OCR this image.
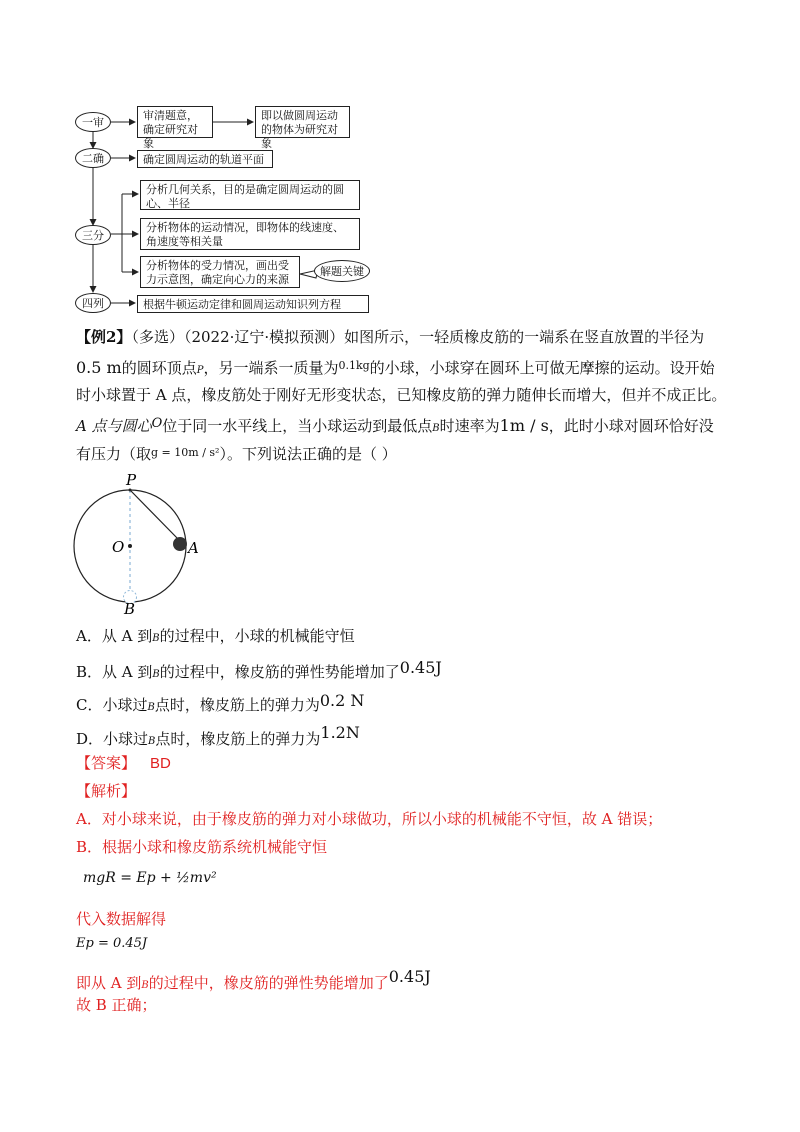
一审
二确
三分
四列
审清题意，确定研究对象
即以做圆周运动的物体为研究对象
确定圆周运动的轨道平面
分析几何关系，目的是确定圆周运动的圆心、半径
分析物体的运动情况，即物体的线速度、角速度等相关量
分析物体的受力情况，画出受力示意图，确定向心力的来源
解题关键
根据牛顿运动定律和圆周运动知识列方程
【例2】（多选）（2022·辽宁·模拟预测）如图所示，一轻质橡皮筋的一端系在竖直放置的半径为
0.5 m的圆环顶点P，另一端系一质量为$^{0.1kg}$的小球，小球穿在圆环上可做无摩擦的运动。设开始
时小球置于 A 点，橡皮筋处于刚好无形变状态，已知橡皮筋的弹力随伸长而增大，但并不成正比。
A 点与圆心O位于同一水平线上，当小球运动到最低点B时速率为1m / s，此时小球对圆环恰好没
有压力（取$^{g = 10m / s^2}$）。下列说法正确的是（ ）
P
O	A
B
A．从 A 到B的过程中，小球的机械能守恒
B．从 A 到B的过程中，橡皮筋的弹性势能增加了0.45J
C．小球过B点时，橡皮筋上的弹力为0.2 N
D．小球过B点时，橡皮筋上的弹力为1.2N
【答案】 BD
【解析】
A．对小球来说，由于橡皮筋的弹力对小球做功，所以小球的机械能不守恒，故 A 错误；
B．根据小球和橡皮筋系统机械能守恒
mgR = Ep + ½mv²
代入数据解得
Ep = 0.45J
即从 A 到B的过程中，橡皮筋的弹性势能增加了0.45J
故 B 正确；
